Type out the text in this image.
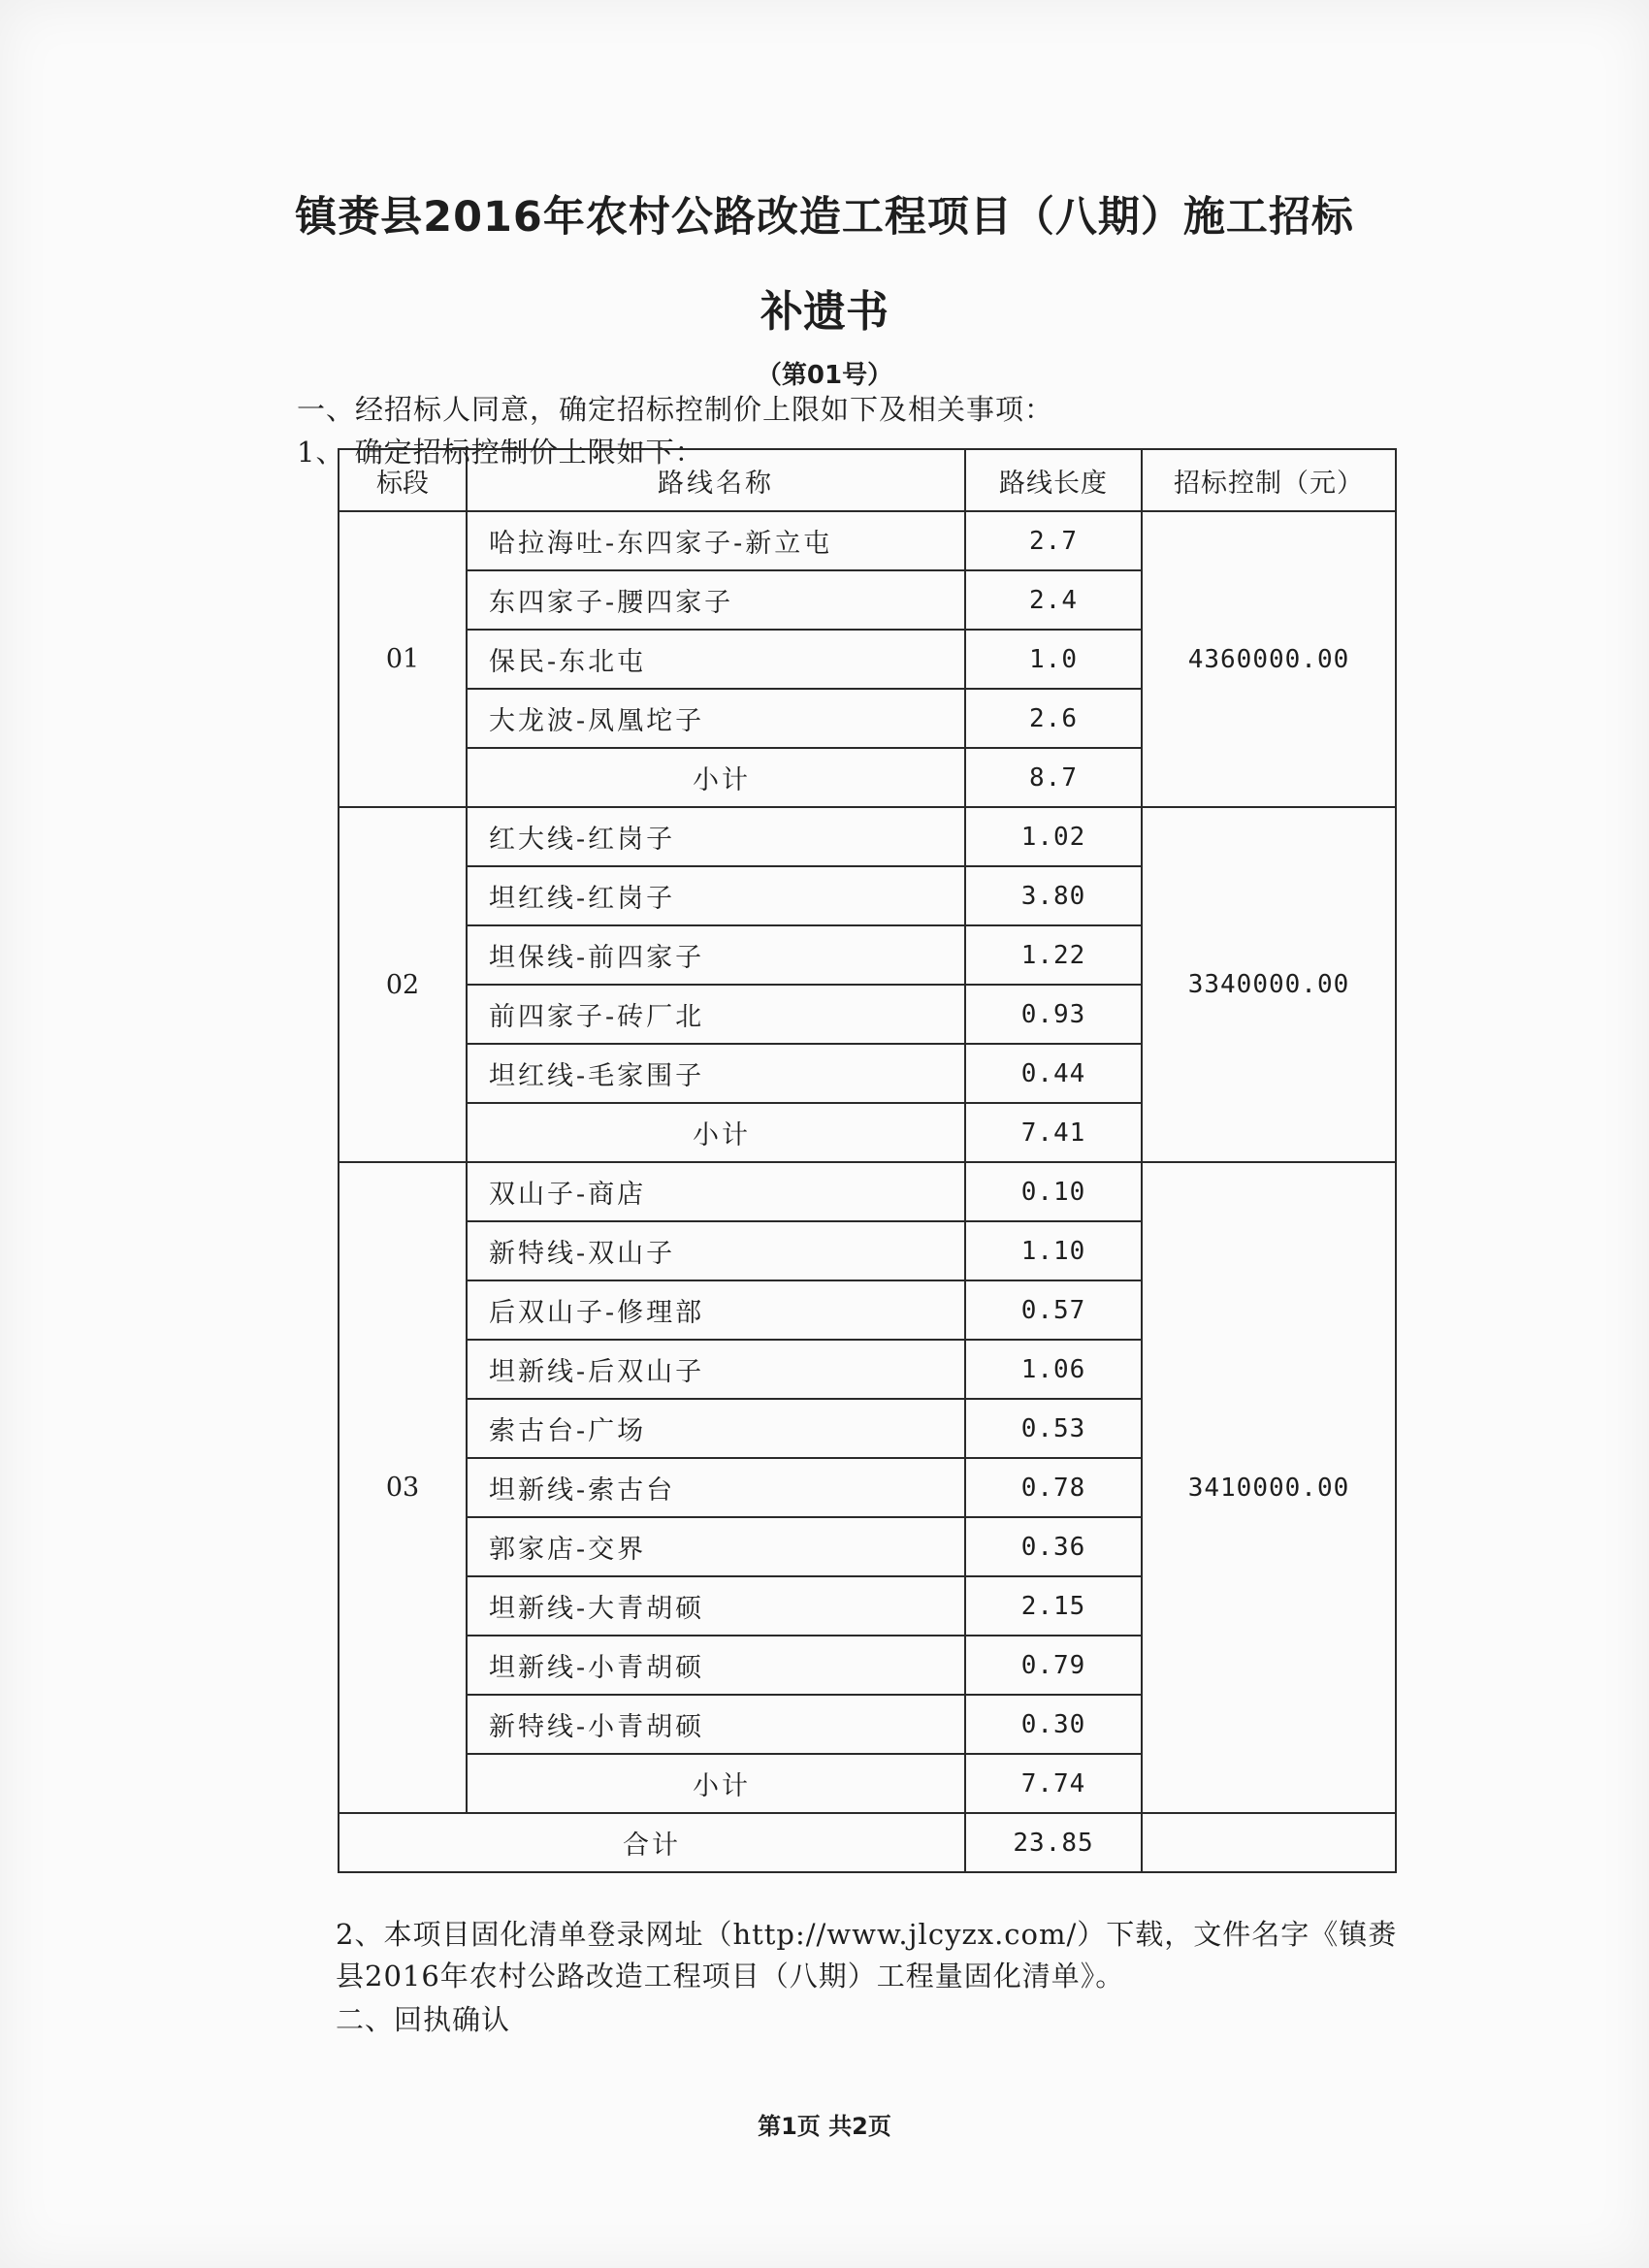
镇赉县2016年农村公路改造工程项目（八期）施工招标
补遗书
（第01号）
一、经招标人同意，确定招标控制价上限如下及相关事项：
1、 确定招标控制价上限如下：
标段	路线名称	路线长度	招标控制（元）
01	哈拉海吐-东四家子-新立屯	2.7	4360000.00
	东四家子-腰四家子	2.4	
	保民-东北屯	1.0	
	大龙波-凤凰坨子	2.6	
	小计	8.7	
02	红大线-红岗子	1.02	3340000.00
	坦红线-红岗子	3.80	
	坦保线-前四家子	1.22	
	前四家子-砖厂北	0.93	
	坦红线-毛家围子	0.44	
	小计	7.41	
03	双山子-商店	0.10	3410000.00
	新特线-双山子	1.10	
	后双山子-修理部	0.57	
	坦新线-后双山子	1.06	
	索古台-广场	0.53	
	坦新线-索古台	0.78	
	郭家店-交界	0.36	
	坦新线-大青胡硕	2.15	
	坦新线-小青胡硕	0.79	
	新特线-小青胡硕	0.30	
	小计	7.74	
合计		23.85	
2、本项目固化清单登录网址（http://www.jlcyzx.com/）下载，文件名字《镇赉
县2016年农村公路改造工程项目（八期）工程量固化清单》。
二、回执确认
第1页 共2页
